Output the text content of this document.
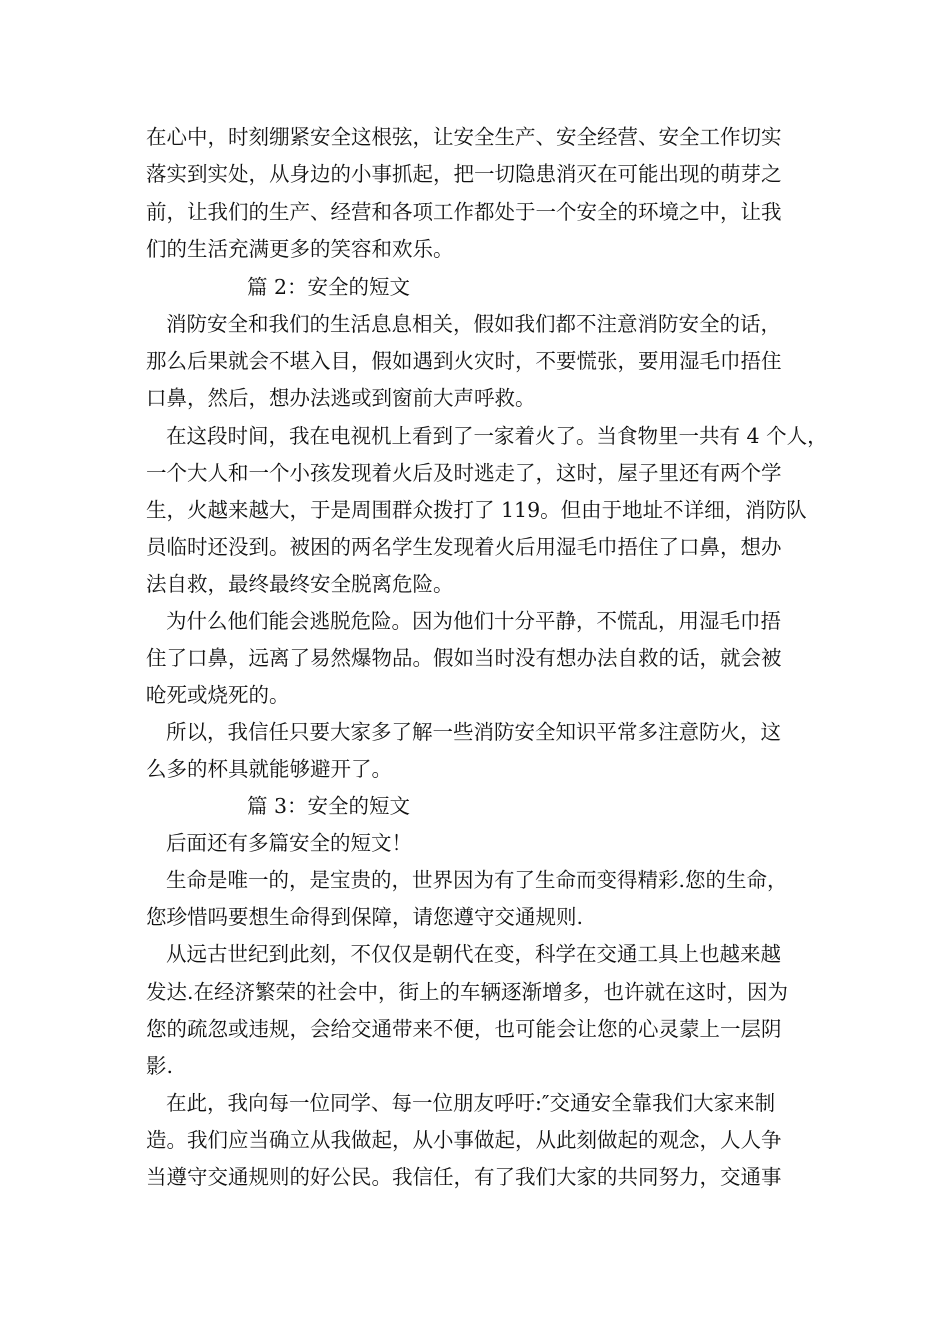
在心中，时刻绷紧安全这根弦，让安全生产、安全经营、安全工作切实
落实到实处，从身边的小事抓起，把一切隐患消灭在可能出现的萌芽之
前，让我们的生产、经营和各项工作都处于一个安全的环境之中，让我
们的生活充满更多的笑容和欢乐。
篇 2：安全的短文
消防安全和我们的生活息息相关，假如我们都不注意消防安全的话，
那么后果就会不堪入目，假如遇到火灾时，不要慌张，要用湿毛巾捂住
口鼻，然后，想办法逃或到窗前大声呼救。
在这段时间，我在电视机上看到了一家着火了。当食物里一共有 4 个人，
一个大人和一个小孩发现着火后及时逃走了，这时，屋子里还有两个学
生，火越来越大，于是周围群众拨打了 119。但由于地址不详细，消防队
员临时还没到。被困的两名学生发现着火后用湿毛巾捂住了口鼻，想办
法自救，最终最终安全脱离危险。
为什么他们能会逃脱危险。因为他们十分平静，不慌乱，用湿毛巾捂
住了口鼻，远离了易然爆物品。假如当时没有想办法自救的话，就会被
呛死或烧死的。
所以，我信任只要大家多了解一些消防安全知识平常多注意防火，这
么多的杯具就能够避开了。
篇 3：安全的短文
后面还有多篇安全的短文！
生命是唯一的，是宝贵的，世界因为有了生命而变得精彩.您的生命，
您珍惜吗要想生命得到保障，请您遵守交通规则.
从远古世纪到此刻，不仅仅是朝代在变，科学在交通工具上也越来越
发达.在经济繁荣的社会中，街上的车辆逐渐增多，也许就在这时，因为
您的疏忽或违规，会给交通带来不便，也可能会让您的心灵蒙上一层阴
影.
在此，我向每一位同学、每一位朋友呼吁:″交通安全靠我们大家来制
造。我们应当确立从我做起，从小事做起，从此刻做起的观念，人人争
当遵守交通规则的好公民。我信任，有了我们大家的共同努力，交通事
